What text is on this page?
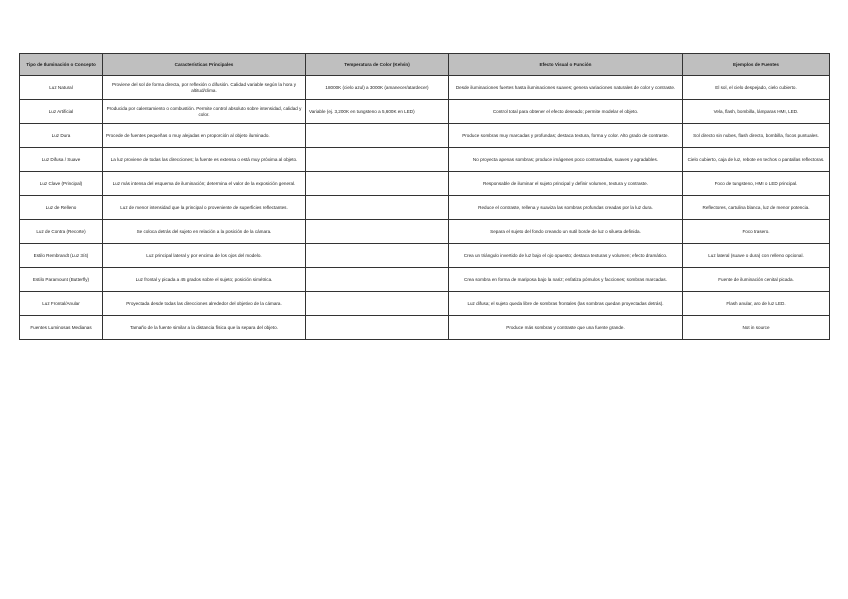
Tipo de Iluminación o Concepto	Características Principales	Temperatura de Color (Kelvin)	Efecto Visual o Función	Ejemplos de Fuentes
Luz Natural	Proviene del sol de forma directa, por reflexión o difusión. Calidad variable según la hora y altitud/clima.	18000K (cielo azul) a 3000K (amanecer/atardecer)	Desde iluminaciones fuertes hasta iluminaciones suaves; genera variaciones naturales de color y contraste.	El sol, el cielo despejado, cielo cubierto.
Luz Artificial	Producida por calentamiento o combustión. Permite control absoluto sobre intensidad, calidad y color.	Variable (ej. 3,200K en tungsteno a 5,600K en LED)	Control total para obtener el efecto deseado; permite modelar el objeto.	Vela, flash, bombilla, lámparas HMI, LED.
Luz Dura	Procede de fuentes pequeñas o muy alejadas en proporción al objeto iluminado.		Produce sombras muy marcadas y profundas; destaca textura, forma y color. Alto grado de contraste.	Sol directo sin nubes, flash directo, bombilla, focos puntuales.
Luz Difusa / Suave	La luz proviene de todas las direcciones; la fuente es extensa o está muy próxima al objeto.		No proyecta apenas sombras; produce imágenes poco contrastadas, suaves y agradables.	Cielo cubierto, caja de luz, rebote en techos o pantallas reflectoras.
Luz Clave (Principal)	Luz más intensa del esquema de iluminación; determina el valor de la exposición general.		Responsable de iluminar el sujeto principal y definir volumen, textura y contraste.	Foco de tungsteno, HMI o LED principal.
Luz de Relleno	Luz de menor intensidad que la principal o proveniente de superficies reflectantes.		Reduce el contraste, rellena y suaviza las sombras profundas creadas por la luz dura.	Reflectores, cartulina blanca, luz de menor potencia.
Luz de Contra (Recorte)	Se coloca detrás del sujeto en relación a la posición de la cámara.		Separa el sujeto del fondo creando un sutil borde de luz o silueta definida.	Foco trasero.
Estilo Rembrandt (Luz 3/4)	Luz principal lateral y por encima de los ojos del modelo.		Crea un triángulo invertido de luz bajo el ojo opuesto; destaca texturas y volumen; efecto dramático.	Luz lateral (suave o dura) con relleno opcional.
Estilo Paramount (Butterfly)	Luz frontal y picada a 45 grados sobre el sujeto; posición simétrica.		Crea sombra en forma de mariposa bajo la nariz; enfatiza pómulos y facciones; sombras marcadas.	Fuente de iluminación cenital picada.
Luz Frontal/Anular	Proyectada desde todas las direcciones alrededor del objetivo de la cámara.		Luz difusa; el sujeto queda libre de sombras frontales (las sombras quedan proyectadas detrás).	Flash anular, aro de luz LED.
Fuentes Luminosas Medianas	Tamaño de la fuente similar a la distancia física que la separa del objeto.		Produce más sombras y contraste que una fuente grande.	Not in source
